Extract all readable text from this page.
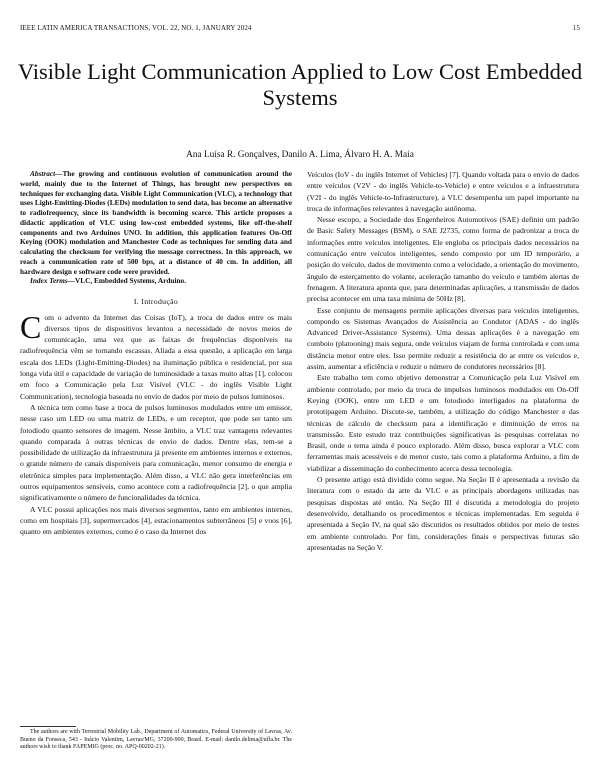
IEEE LATIN AMERICA TRANSACTIONS, VOL. 22, NO. 1, JANUARY 2024	15
Visible Light Communication Applied to Low Cost Embedded Systems
Ana Luísa R. Gonçalves, Danilo A. Lima, Álvaro H. A. Maia

Abstract—The growing and continuous evolution of communication around the world, mainly due to the Internet of Things, has brought new perspectives on techniques for exchanging data. Visible Light Communication (VLC), a technology that uses Light-Emitting-Diodes (LEDs) modulation to send data, has become an alternative to radiofrequency, since its bandwidth is becoming scarce. This article proposes a didactic application of VLC using low-cost embedded systems, like off-the-shelf components and two Arduinos UNO. In addition, this application features On-Off Keying (OOK) modulation and Manchester Code as techniques for sending data and calculating the checksum for verifying the message correctness. In this approach, we reach a communication rate of 500 bps, at a distance of 40 cm. In addition, all hardware design e software code were provided.

Index Terms—VLC, Embedded Systems, Arduino.

I. Introdução

Com o advento da Internet das Coisas (IoT), a troca de dados entre os mais diversos tipos de dispositivos levantou a necessidade de novos meios de comunicação, uma vez que as faixas de frequências disponíveis na radiofrequência vêm se tornando escassas. Aliada a essa questão, a aplicação em larga escala dos LEDs (Light-Emitting-Diodes) na iluminação pública e residencial, por sua longa vida útil e capacidade de variação de luminosidade a taxas muito altas [1], colocou em foco a Comunicação pela Luz Visível (VLC - do inglês Visible Light Communication), tecnologia baseada no envio de dados por meio de pulsos luminosos.

A técnica tem como base a troca de pulsos luminosos modulados entre um emissor, nesse caso um LED ou uma matriz de LEDs, e um receptor, que pode ser tanto um fotodiodo quanto sensores de imagem. Nesse âmbito, a VLC traz vantagens relevantes quando comparada à outras técnicas de envio de dados. Dentre elas, tem-se a possibilidade de utilização da infraestrutura já presente em ambientes internos e externos, o grande número de canais disponíveis para comunicação, menor consumo de energia e eletrônica simples para implementação. Além disso, a VLC não gera interferências em outros equipamentos sensíveis, como acontece com a radiofrequência [2], o que amplia significativamente o número de funcionalidades da técnica.

A VLC possui aplicações nos mais diversos segmentos, tanto em ambientes internos, como em hospitais [3], supermercados [4], estacionamentos subterrâneos [5] e voos [6], quanto em ambientes externos, como é o caso da Internet dos

Veículos (IoV - do inglês Internet of Vehicles) [7]. Quando voltada para o envio de dados entre veículos (V2V - do inglês Vehicle-to-Vehicle) e entre veículos e a infraestrutura (V2I - do inglês Vehicle-to-Infrastructure), a VLC desempenha um papel importante na troca de informações relevantes à navegação autônoma.

Nesse escopo, a Sociedade dos Engenheiros Automotivos (SAE) definiu um padrão de Basic Safety Messages (BSM), o SAE J2735, como forma de padronizar a troca de informações entre veículos inteligentes. Ele engloba os principais dados necessários na comunicação entre veículos inteligentes, sendo composto por um ID temporário, a posição do veículo, dados de movimento como a velocidade, a orientação do movimento, ângulo de esterçamento do volante, aceleração tamanho do veículo e também alertas de frenagem. A literatura aponta que, para determinadas aplicações, a transmissão de dados precisa acontecer em uma taxa mínima de 50Hz [8].

Esse conjunto de mensagens permite aplicações diversas para veículos inteligentes, compondo os Sistemas Avançados de Assistência ao Condutor (ADAS - do inglês Advanced Driver-Assistance Systems). Uma dessas aplicações é a navegação em comboio (platooning) mais segura, onde veículos viajam de forma controlada e com uma distância menor entre eles. Isso permite reduzir a resistência do ar entre os veículos e, assim, aumentar a eficiência e reduzir o número de condutores necessários [8].

Este trabalho tem como objetivo demonstrar a Comunicação pela Luz Visível em ambiente controlado, por meio da troca de impulsos luminosos modulados em On-Off Keying (OOK), entre um LED e um fotodiodo interligados na plataforma de prototipagem Arduino. Discute-se, também, a utilização do código Manchester e das técnicas de cálculo de checksum para a identificação e diminuição de erros na transmissão. Este estudo traz contribuições significativas às pesquisas correlatas no Brasil, onde o tema ainda é pouco explorado. Além disso, busca explorar a VLC com ferramentas mais acessíveis e de menor custo, tais como a plataforma Arduino, a fim de viabilizar a disseminação do conhecimento acerca dessa tecnologia.

O presente artigo está dividido como segue. Na Seção II é apresentada a revisão da literatura com o estado da arte da VLC e as principais abordagens utilizadas nas pesquisas dispostas até então. Na Seção III é discutida a metodologia do projeto desenvolvido, detalhando os procedimentos e técnicas implementadas. Em seguida é apresentada a Seção IV, na qual são discutidos os resultados obtidos por meio de testes em ambiente controlado. Por fim, considerações finais e perspectivas futuras são apresentadas na Seção V.

The authors are with Terrestrial Mobility Lab., Department of Automatics, Federal University of Lavras, Av. Bueno da Fonseca, 543 - Inácio Valentim, Lavras/MG, 37200-900, Brasil. E-mail: danilo.delima@ufla.br. The authors wish to thank FAPEMIG (proc. no. APQ-00202-21).
